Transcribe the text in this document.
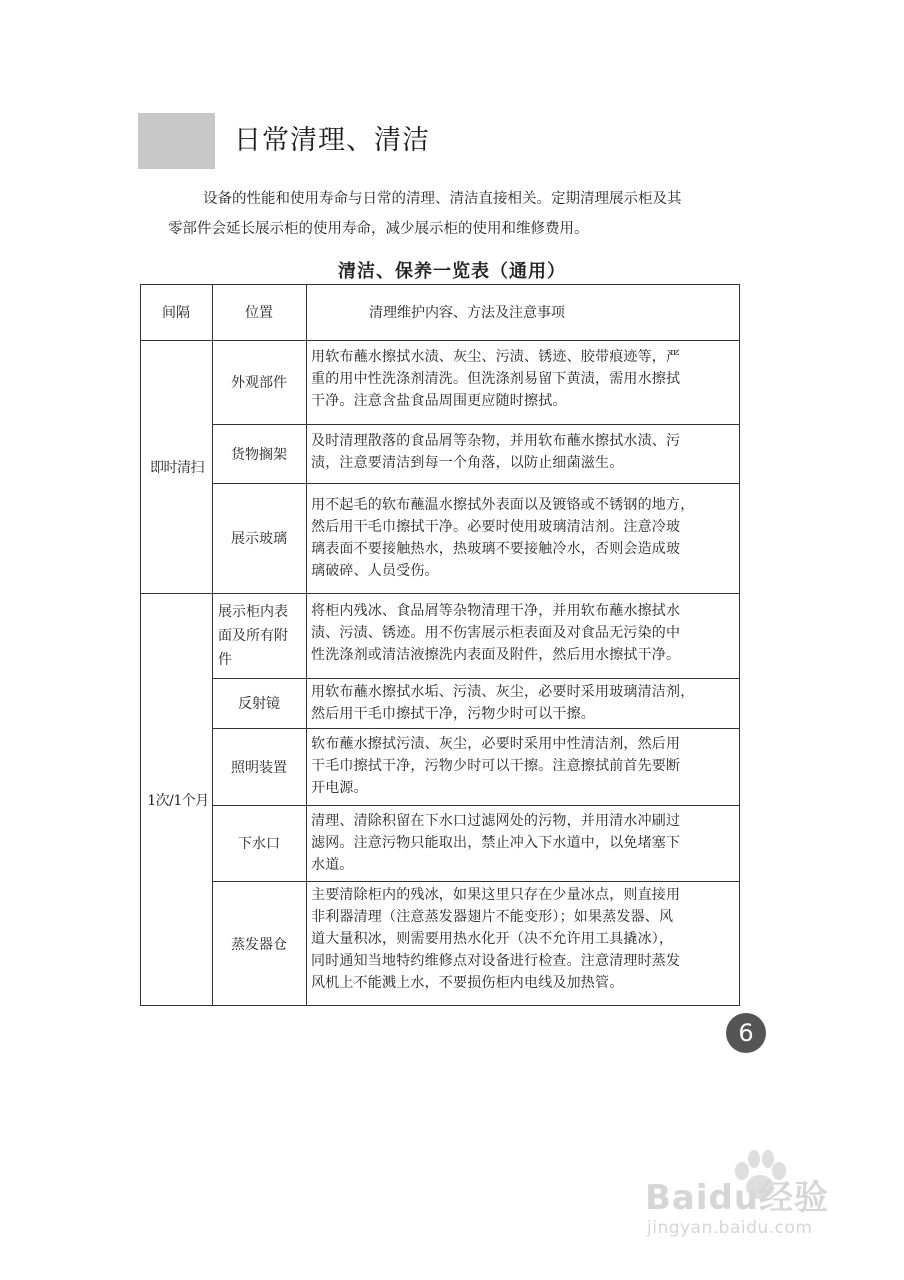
日常清理、清洁
设备的性能和使用寿命与日常的清理、清洁直接相关。定期清理展示柜及其
零部件会延长展示柜的使用寿命，减少展示柜的使用和维修费用。
清洁、保养一览表（通用）
间隔	位置	清理维护内容、方法及注意事项
即时清扫
1次/1个月
外观部件
货物搁架
展示玻璃
展示柜内表
面及所有附
件
反射镜
照明装置
下水口
蒸发器仓
用软布蘸水擦拭水渍、灰尘、污渍、锈迹、胶带痕迹等，严
重的用中性洗涤剂清洗。但洗涤剂易留下黄渍，需用水擦拭
干净。注意含盐食品周围更应随时擦拭。
及时清理散落的食品屑等杂物，并用软布蘸水擦拭水渍、污
渍，注意要清洁到每一个角落，以防止细菌滋生。
用不起毛的软布蘸温水擦拭外表面以及镀铬或不锈钢的地方，
然后用干毛巾擦拭干净。必要时使用玻璃清洁剂。注意冷玻
璃表面不要接触热水，热玻璃不要接触冷水，否则会造成玻
璃破碎、人员受伤。
将柜内残冰、食品屑等杂物清理干净，并用软布蘸水擦拭水
渍、污渍、锈迹。用不伤害展示柜表面及对食品无污染的中
性洗涤剂或清洁液擦洗内表面及附件，然后用水擦拭干净。
用软布蘸水擦拭水垢、污渍、灰尘，必要时采用玻璃清洁剂，
然后用干毛巾擦拭干净，污物少时可以干擦。
软布蘸水擦拭污渍、灰尘，必要时采用中性清洁剂，然后用
干毛巾擦拭干净，污物少时可以干擦。注意擦拭前首先要断
开电源。
清理、清除积留在下水口过滤网处的污物，并用清水冲刷过
滤网。注意污物只能取出，禁止冲入下水道中，以免堵塞下
水道。
主要清除柜内的残冰，如果这里只存在少量冰点，则直接用
非利器清理（注意蒸发器翅片不能变形）；如果蒸发器、风
道大量积冰，则需要用热水化开（决不允许用工具撬冰），
同时通知当地特约维修点对设备进行检查。注意清理时蒸发
风机上不能溅上水，不要损伤柜内电线及加热管。
6
Baidu经验
jingyan.baidu.com
